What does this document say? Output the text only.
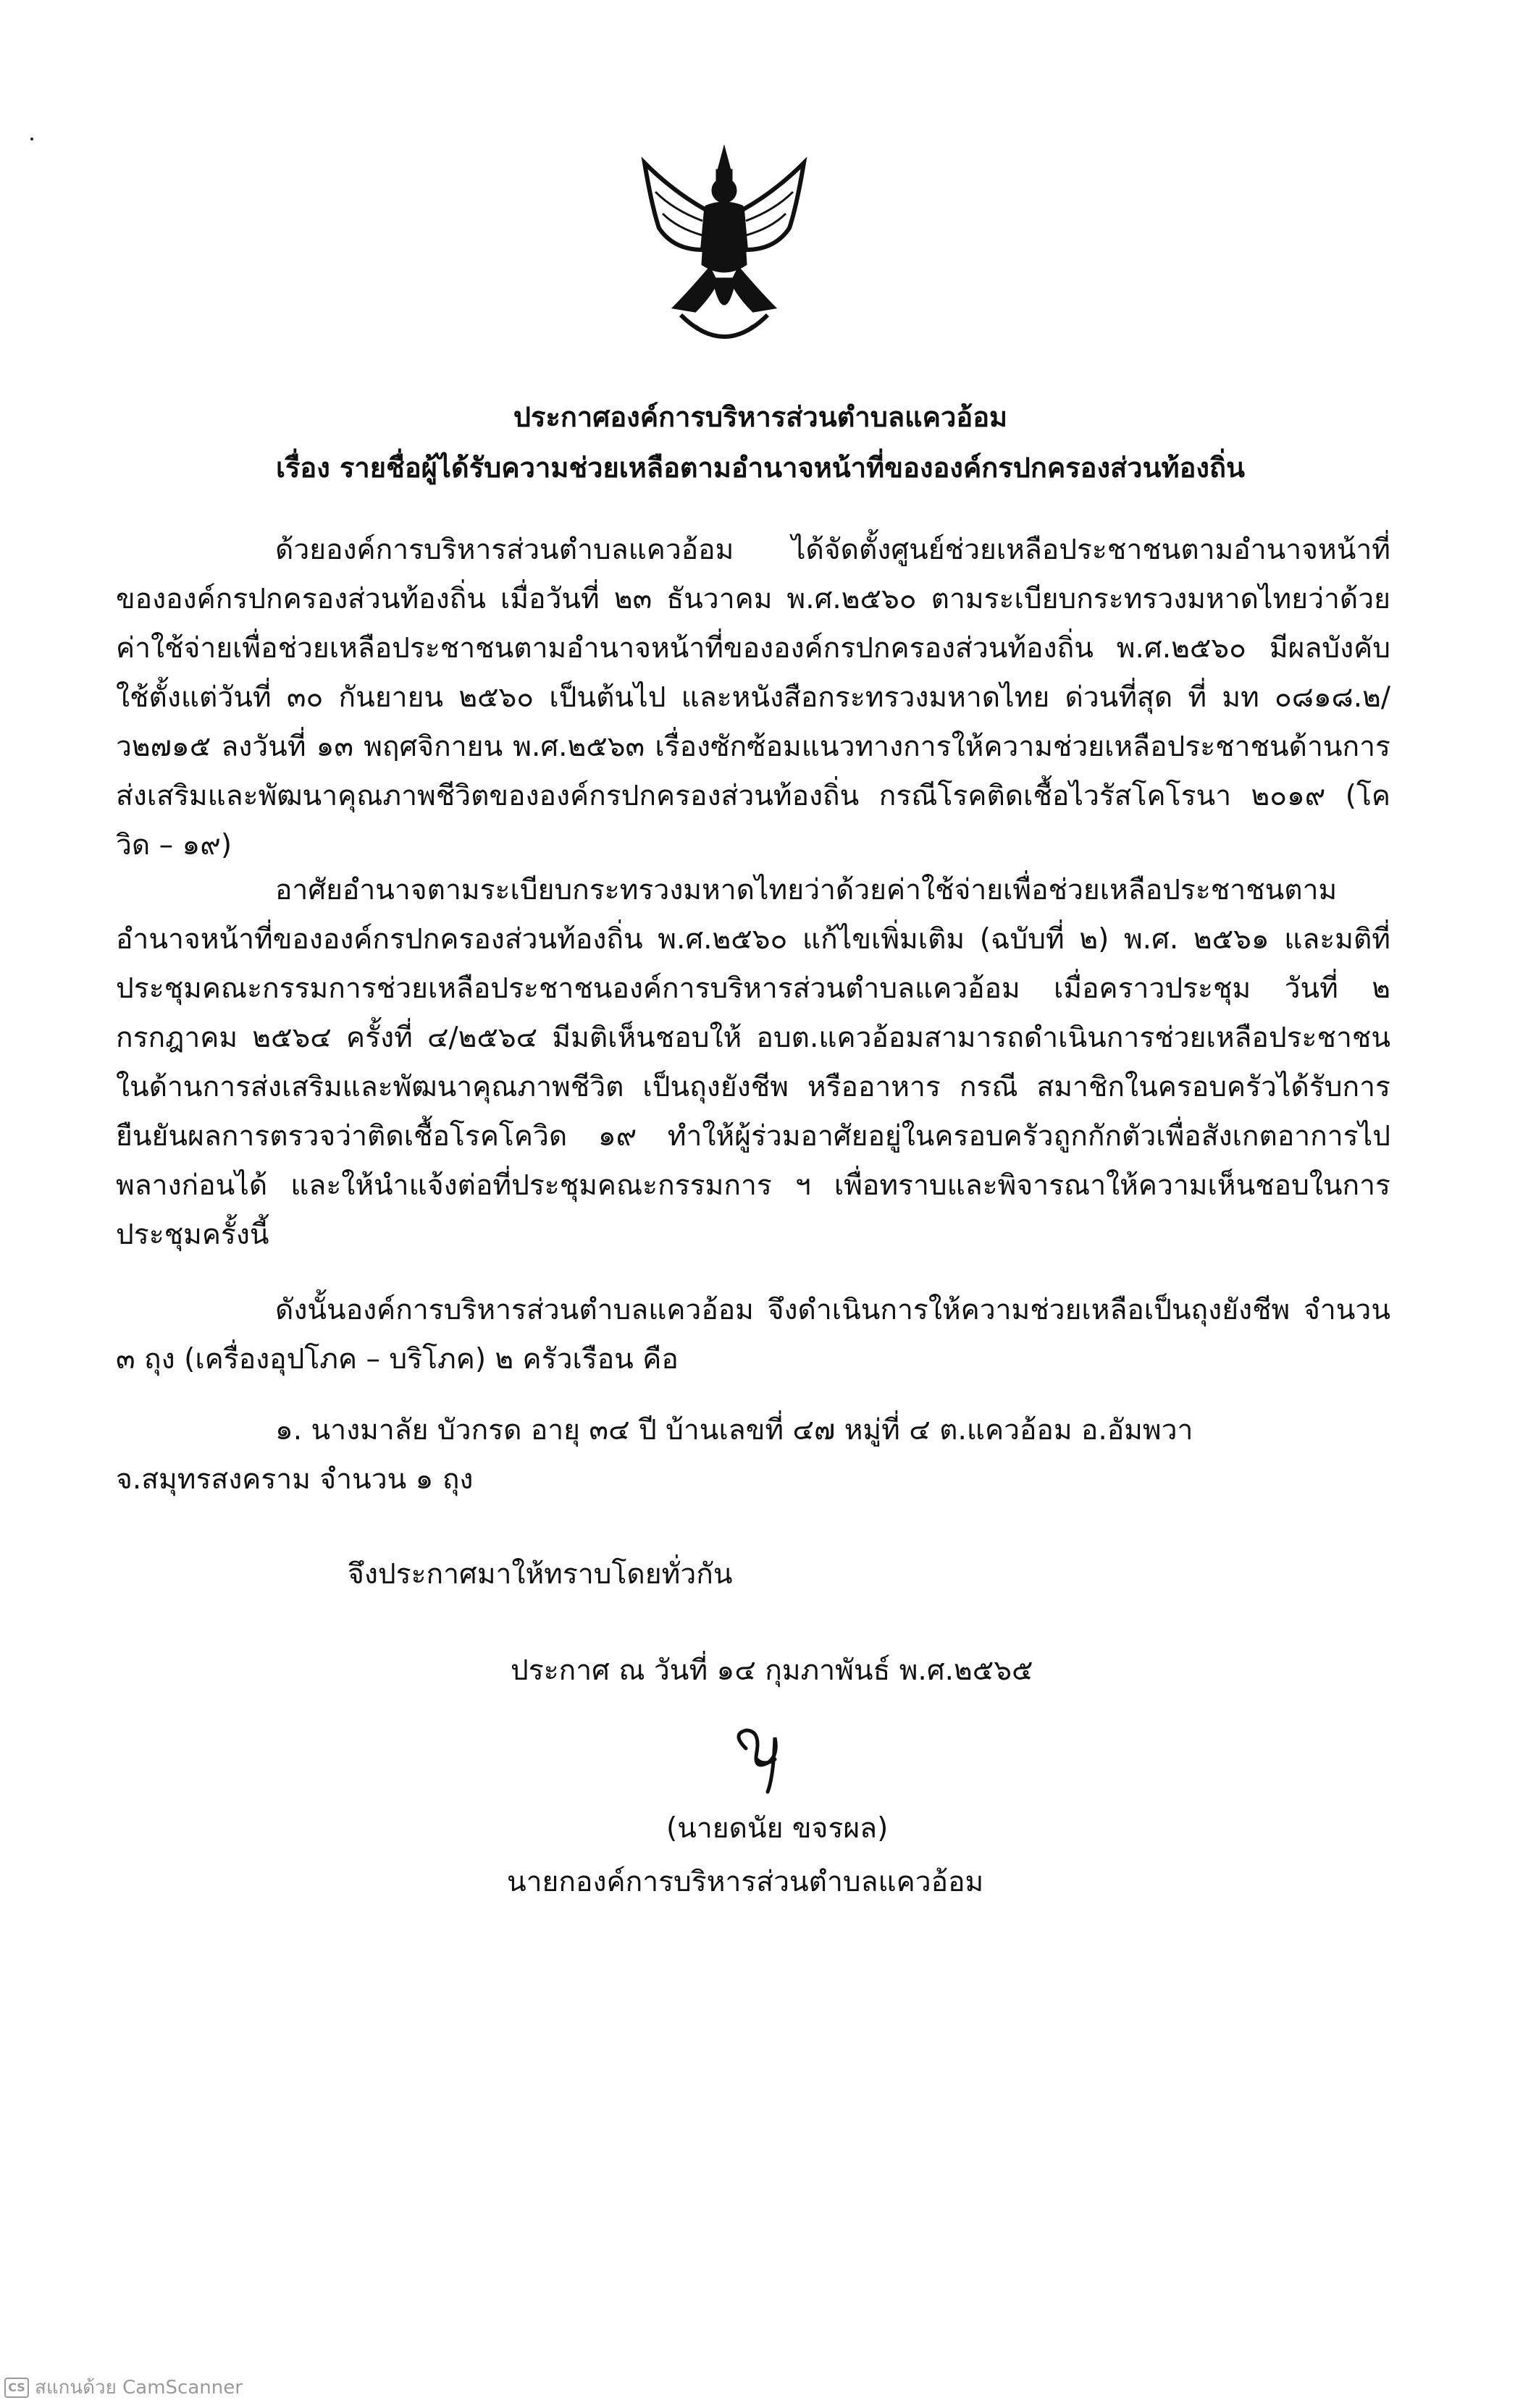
ประกาศองค์การบริหารส่วนตำบลแควอ้อม
เรื่อง รายชื่อผู้ได้รับความช่วยเหลือตามอำนาจหน้าที่ขององค์กรปกครองส่วนท้องถิ่น
ด้วยองค์การบริหารส่วนตำบลแควอ้อม ได้จัดตั้งศูนย์ช่วยเหลือประชาชนตามอำนาจหน้าที่ขององค์กรปกครองส่วนท้องถิ่น เมื่อวันที่ ๒๓ ธันวาคม พ.ศ.๒๕๖๐ ตามระเบียบกระทรวงมหาดไทยว่าด้วยค่าใช้จ่ายเพื่อช่วยเหลือประชาชนตามอำนาจหน้าที่ขององค์กรปกครองส่วนท้องถิ่น พ.ศ.๒๕๖๐ มีผลบังคับใช้ตั้งแต่วันที่ ๓๐ กันยายน ๒๕๖๐ เป็นต้นไป และหนังสือกระทรวงมหาดไทย ด่วนที่สุด ที่ มท ๐๘๑๘.๒/ว๒๗๑๕ ลงวันที่ ๑๓ พฤศจิกายน พ.ศ.๒๕๖๓ เรื่องซักซ้อมแนวทางการให้ความช่วยเหลือประชาชนด้านการส่งเสริมและพัฒนาคุณภาพชีวิตขององค์กรปกครองส่วนท้องถิ่น กรณีโรคติดเชื้อไวรัสโคโรนา ๒๐๑๙ (โควิด – ๑๙)
อาศัยอำนาจตามระเบียบกระทรวงมหาดไทยว่าด้วยค่าใช้จ่ายเพื่อช่วยเหลือประชาชนตามอำนาจหน้าที่ขององค์กรปกครองส่วนท้องถิ่น พ.ศ.๒๕๖๐ แก้ไขเพิ่มเติม (ฉบับที่ ๒) พ.ศ. ๒๕๖๑ และมติที่ประชุมคณะกรรมการช่วยเหลือประชาชนองค์การบริหารส่วนตำบลแควอ้อม เมื่อคราวประชุม วันที่ ๒ กรกฎาคม ๒๕๖๔ ครั้งที่ ๔/๒๕๖๔ มีมติเห็นชอบให้ อบต.แควอ้อมสามารถดำเนินการช่วยเหลือประชาชนในด้านการส่งเสริมและพัฒนาคุณภาพชีวิต เป็นถุงยังชีพ หรืออาหาร กรณี สมาชิกในครอบครัวได้รับการยืนยันผลการตรวจว่าติดเชื้อโรคโควิด ๑๙ ทำให้ผู้ร่วมอาศัยอยู่ในครอบครัวถูกกักตัวเพื่อสังเกตอาการไปพลางก่อนได้ และให้นำแจ้งต่อที่ประชุมคณะกรรมการ ฯ เพื่อทราบและพิจารณาให้ความเห็นชอบในการประชุมครั้งนี้
ดังนั้นองค์การบริหารส่วนตำบลแควอ้อม จึงดำเนินการให้ความช่วยเหลือเป็นถุงยังชีพ จำนวน ๓ ถุง (เครื่องอุปโภค – บริโภค) ๒ ครัวเรือน คือ
๑. นางมาลัย บัวกรด อายุ ๓๔ ปี บ้านเลขที่ ๔๗ หมู่ที่ ๔ ต.แควอ้อม อ.อัมพวา
จ.สมุทรสงคราม จำนวน ๑ ถุง
จึงประกาศมาให้ทราบโดยทั่วกัน
ประกาศ ณ วันที่ ๑๔ กุมภาพันธ์ พ.ศ.๒๕๖๕
(นายดนัย ขจรผล)
นายกองค์การบริหารส่วนตำบลแควอ้อม
CS สแกนด้วย CamScanner
